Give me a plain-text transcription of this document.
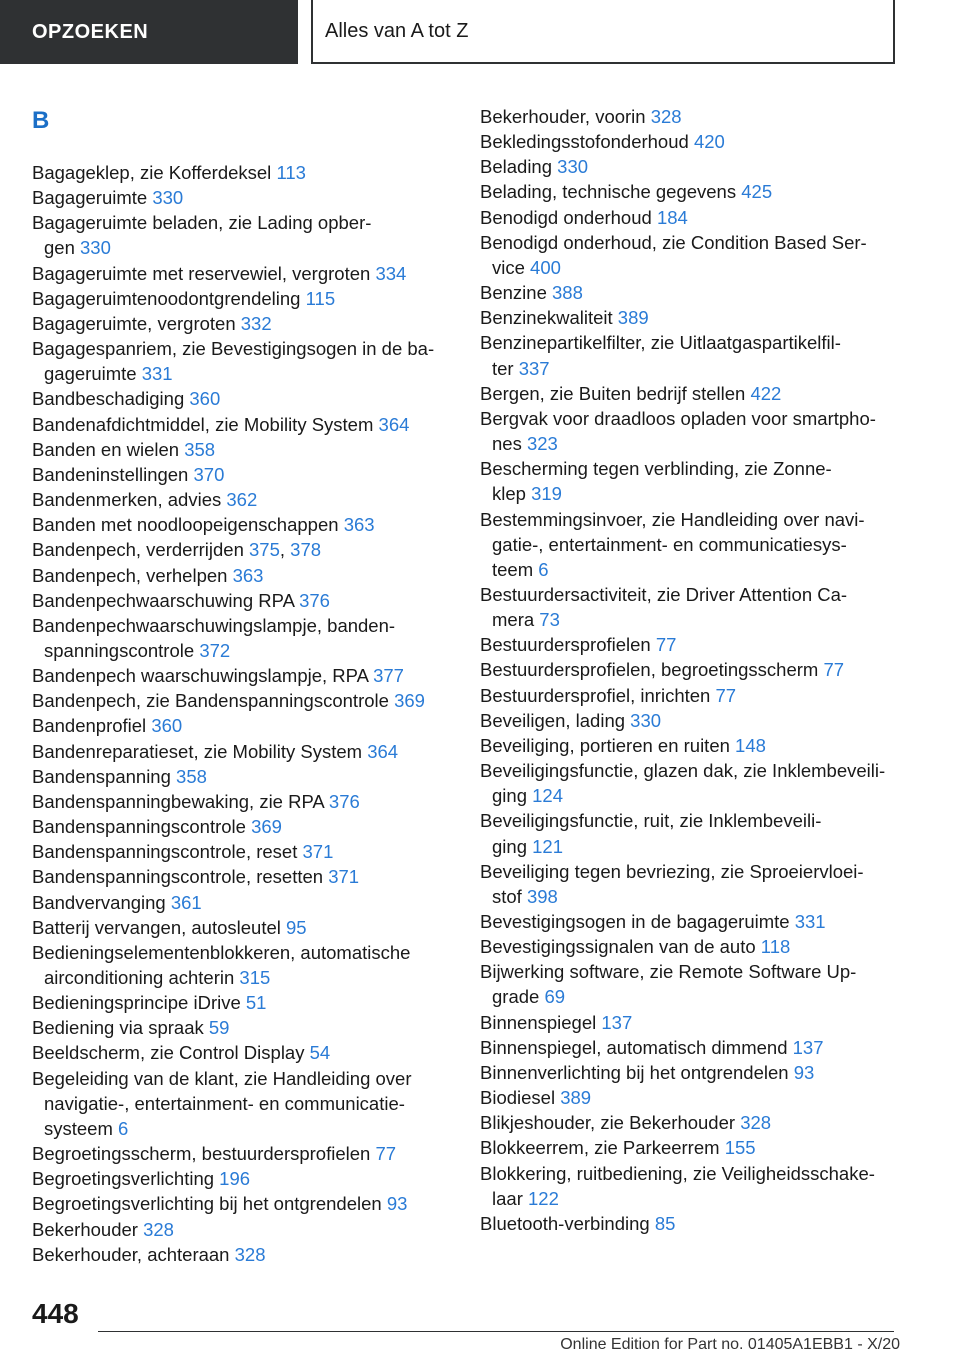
OPZOEKEN	Alles van A tot Z
B
Bagageklep, zie Kofferdeksel 113
Bagageruimte 330
Bagageruimte beladen, zie Lading opber-
gen 330
Bagageruimte met reservewiel, vergroten 334
Bagageruimtenoodontgrendeling 115
Bagageruimte, vergroten 332
Bagagespanriem, zie Bevestigingsogen in de ba-
gageruimte 331
Bandbeschadiging 360
Bandenafdichtmiddel, zie Mobility System 364
Banden en wielen 358
Bandeninstellingen 370
Bandenmerken, advies 362
Banden met noodloopeigenschappen 363
Bandenpech, verderrijden 375, 378
Bandenpech, verhelpen 363
Bandenpechwaarschuwing RPA 376
Bandenpechwaarschuwingslampje, banden-
spanningscontrole 372
Bandenpech waarschuwingslampje, RPA 377
Bandenpech, zie Bandenspanningscontrole 369
Bandenprofiel 360
Bandenreparatieset, zie Mobility System 364
Bandenspanning 358
Bandenspanningbewaking, zie RPA 376
Bandenspanningscontrole 369
Bandenspanningscontrole, reset 371
Bandenspanningscontrole, resetten 371
Bandvervanging 361
Batterij vervangen, autosleutel 95
Bedieningselementenblokkeren, automatische
airconditioning achterin 315
Bedieningsprincipe iDrive 51
Bediening via spraak 59
Beeldscherm, zie Control Display 54
Begeleiding van de klant, zie Handleiding over
navigatie-, entertainment- en communicatie-
systeem 6
Begroetingsscherm, bestuurdersprofielen 77
Begroetingsverlichting 196
Begroetingsverlichting bij het ontgrendelen 93
Bekerhouder 328
Bekerhouder, achteraan 328
Bekerhouder, voorin 328
Bekledingsstofonderhoud 420
Belading 330
Belading, technische gegevens 425
Benodigd onderhoud 184
Benodigd onderhoud, zie Condition Based Ser-
vice 400
Benzine 388
Benzinekwaliteit 389
Benzinepartikelfilter, zie Uitlaatgaspartikelfil-
ter 337
Bergen, zie Buiten bedrijf stellen 422
Bergvak voor draadloos opladen voor smartpho-
nes 323
Bescherming tegen verblinding, zie Zonne-
klep 319
Bestemmingsinvoer, zie Handleiding over navi-
gatie-, entertainment- en communicatiesys-
teem 6
Bestuurdersactiviteit, zie Driver Attention Ca-
mera 73
Bestuurdersprofielen 77
Bestuurdersprofielen, begroetingsscherm 77
Bestuurdersprofiel, inrichten 77
Beveiligen, lading 330
Beveiliging, portieren en ruiten 148
Beveiligingsfunctie, glazen dak, zie Inklembeveili-
ging 124
Beveiligingsfunctie, ruit, zie Inklembeveili-
ging 121
Beveiliging tegen bevriezing, zie Sproeiervloei-
stof 398
Bevestigingsogen in de bagageruimte 331
Bevestigingssignalen van de auto 118
Bijwerking software, zie Remote Software Up-
grade 69
Binnenspiegel 137
Binnenspiegel, automatisch dimmend 137
Binnenverlichting bij het ontgrendelen 93
Biodiesel 389
Blikjeshouder, zie Bekerhouder 328
Blokkeerrem, zie Parkeerrem 155
Blokkering, ruitbediening, zie Veiligheidsschake-
laar 122
Bluetooth-verbinding 85
448
Online Edition for Part no. 01405A1EBB1 - X/20
